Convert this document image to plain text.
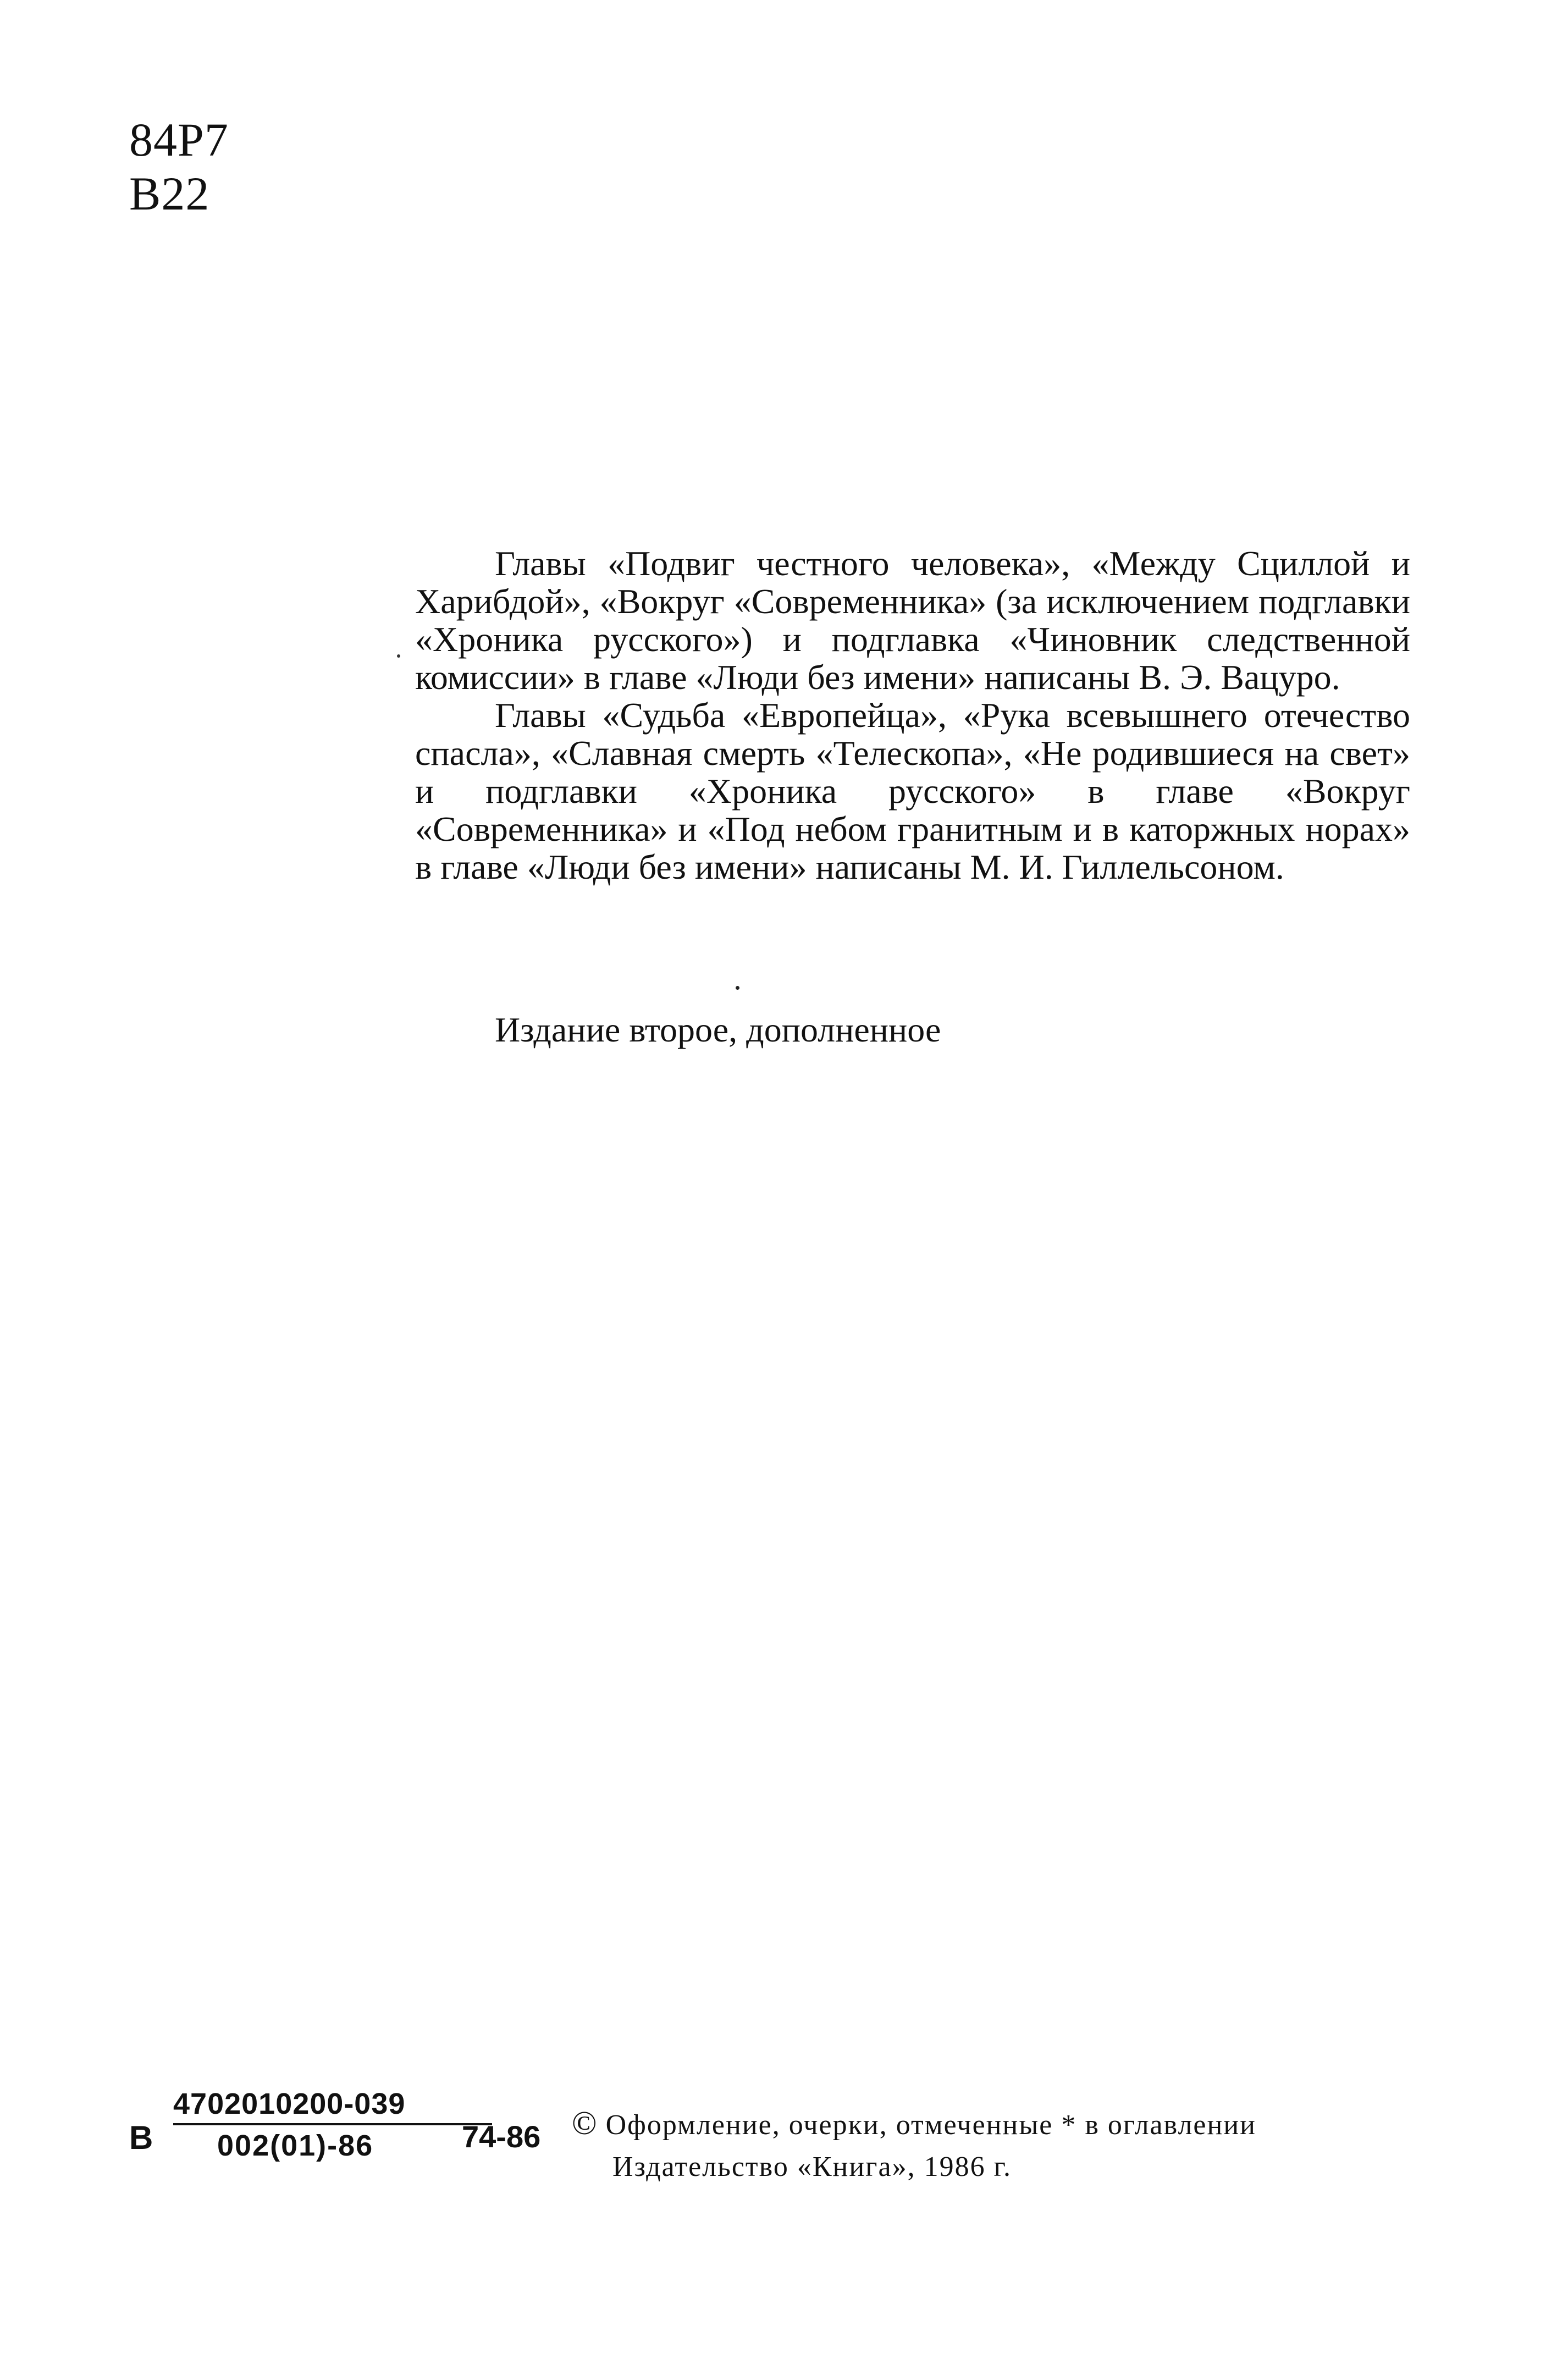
84Р7
В22

Главы «Подвиг честного человека», «Между Сциллой и Харибдой», «Вокруг «Современника» (за исключением подглавки «Хроника русского») и подглавка «Чиновник следственной комиссии» в главе «Люди без имени» написаны В. Э. Вацуро.

Главы «Судьба «Европейца», «Рука всевышнего отечество спасла», «Славная смерть «Телескопа», «Не родившиеся на свет» и подглавки «Хроника русского» в главе «Вокруг «Современника» и «Под небом гранитным и в каторжных норах» в главе «Люди без имени» написаны М. И. Гиллельсоном.

Издание второе, дополненное
В
4702010200-039
002(01)-86	74-86 © Оформление, очерки, отмеченные * в оглавлении
Издательство «Книга», 1986 г.
